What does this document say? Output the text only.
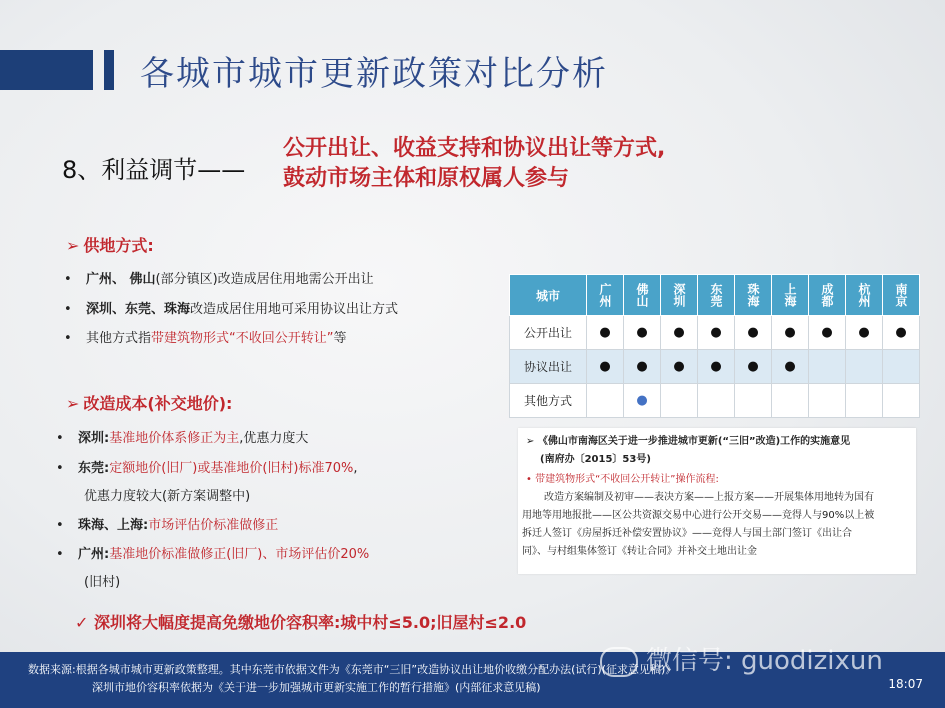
各城市城市更新政策对比分析
8、利益调节——
公开出让、收益支持和协议出让等方式,
鼓动市场主体和原权属人参与
➢ 供地方式:
• 广州、 佛山(部分镇区)改造成居住用地需公开出让
• 深圳、东莞、珠海改造成居住用地可采用协议出让方式
• 其他方式指带建筑物形式“不收回公开转让”等
➢ 改造成本(补交地价):
• 深圳:基准地价体系修正为主,优惠力度大
• 东莞:定额地价(旧厂)或基准地价(旧村)标准70%,
优惠力度较大(新方案调整中)
• 珠海、上海:市场评估价标准做修正
• 广州:基准地价标准做修正(旧厂)、市场评估价20%
(旧村)
城市	广州	佛山	深圳	东莞	珠海	上海	成都	杭州	南京

公开出让	●	●	●	●	●	●	●	●	●
协议出让	●	●	●	●	●	●			
其他方式		●							
➢ 《佛山市南海区关于进一步推进城市更新(“三旧”改造)工作的实施意见
(南府办〔2015〕53号)
• 带建筑物形式“不收回公开转让”操作流程:
改造方案编制及初审——表决方案——上报方案——开展集体用地转为国有
用地等用地报批——区公共资源交易中心进行公开交易——竞得人与90%以上被
拆迁人签订《房屋拆迁补偿安置协议》——竞得人与国土部门签订《出让合
同》、与村组集体签订《转让合同》并补交土地出让金
✓ 深圳将大幅度提高免缴地价容积率:城中村≤5.0;旧屋村≤2.0
数据来源:根据各城市城市更新政策整理。其中东莞市依据文件为《东莞市“三旧”改造协议出让地价收缴分配办法(试行)(征求意见稿)》
深圳市地价容积率依据为《关于进一步加强城市更新实施工作的暂行措施》(内部征求意见稿)	18:07
微信号: guodizixun
